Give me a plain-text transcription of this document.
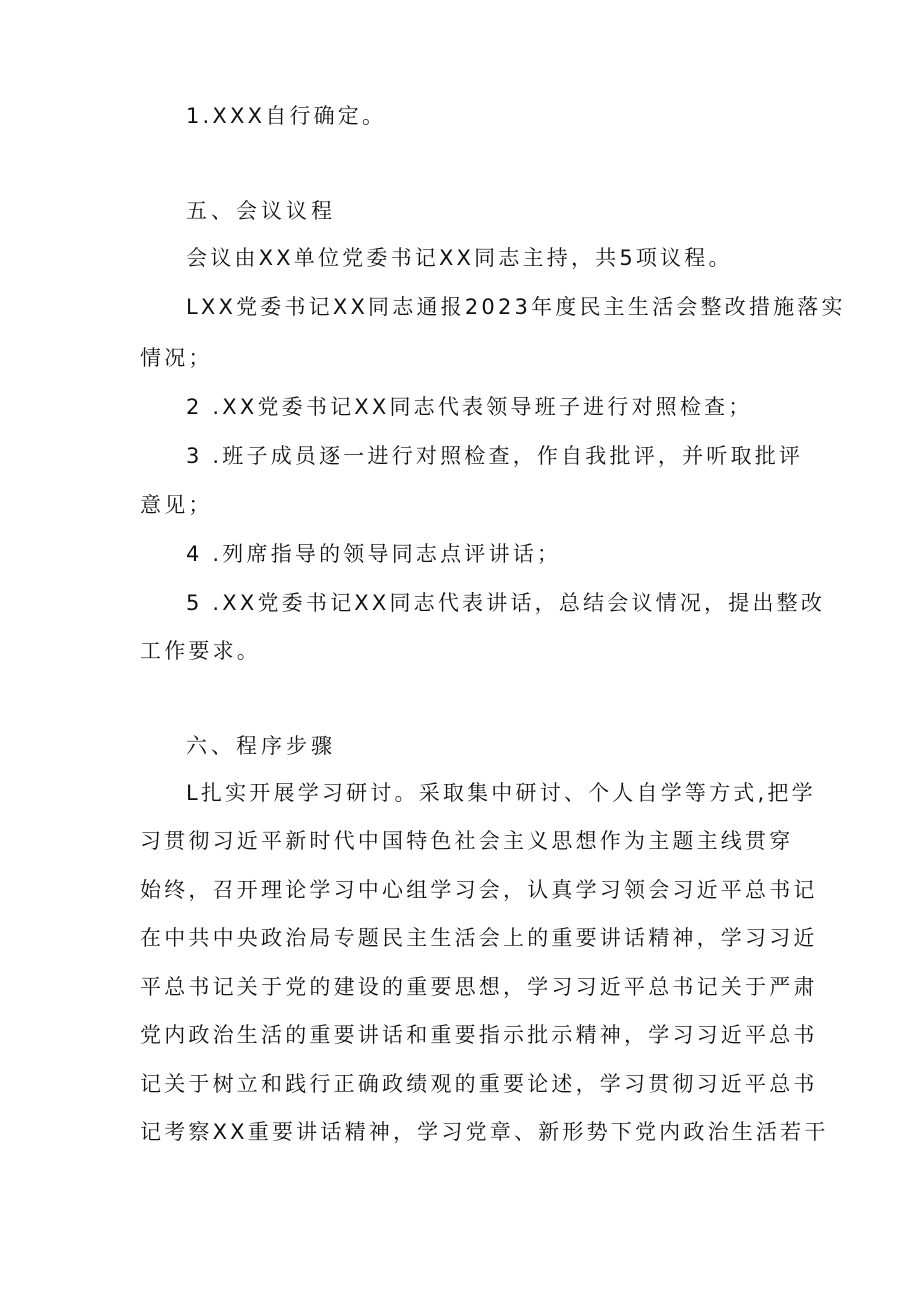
1.XXX自行确定。
五、会议议程
会议由XX单位党委书记XX同志主持，共5项议程。
LXX党委书记XX同志通报2023年度民主生活会整改措施落实
情况；
2 .XX党委书记XX同志代表领导班子进行对照检查；
3 .班子成员逐一进行对照检查，作自我批评，并听取批评
意见；
4 .列席指导的领导同志点评讲话；
5 .XX党委书记XX同志代表讲话，总结会议情况，提出整改
工作要求。
六、程序步骤
L扎实开展学习研讨。采取集中研讨、个人自学等方式,把学
习贯彻习近平新时代中国特色社会主义思想作为主题主线贯穿
始终，召开理论学习中心组学习会，认真学习领会习近平总书记
在中共中央政治局专题民主生活会上的重要讲话精神，学习习近
平总书记关于党的建设的重要思想，学习习近平总书记关于严肃
党内政治生活的重要讲话和重要指示批示精神，学习习近平总书
记关于树立和践行正确政绩观的重要论述，学习贯彻习近平总书
记考察XX重要讲话精神，学习党章、新形势下党内政治生活若干
